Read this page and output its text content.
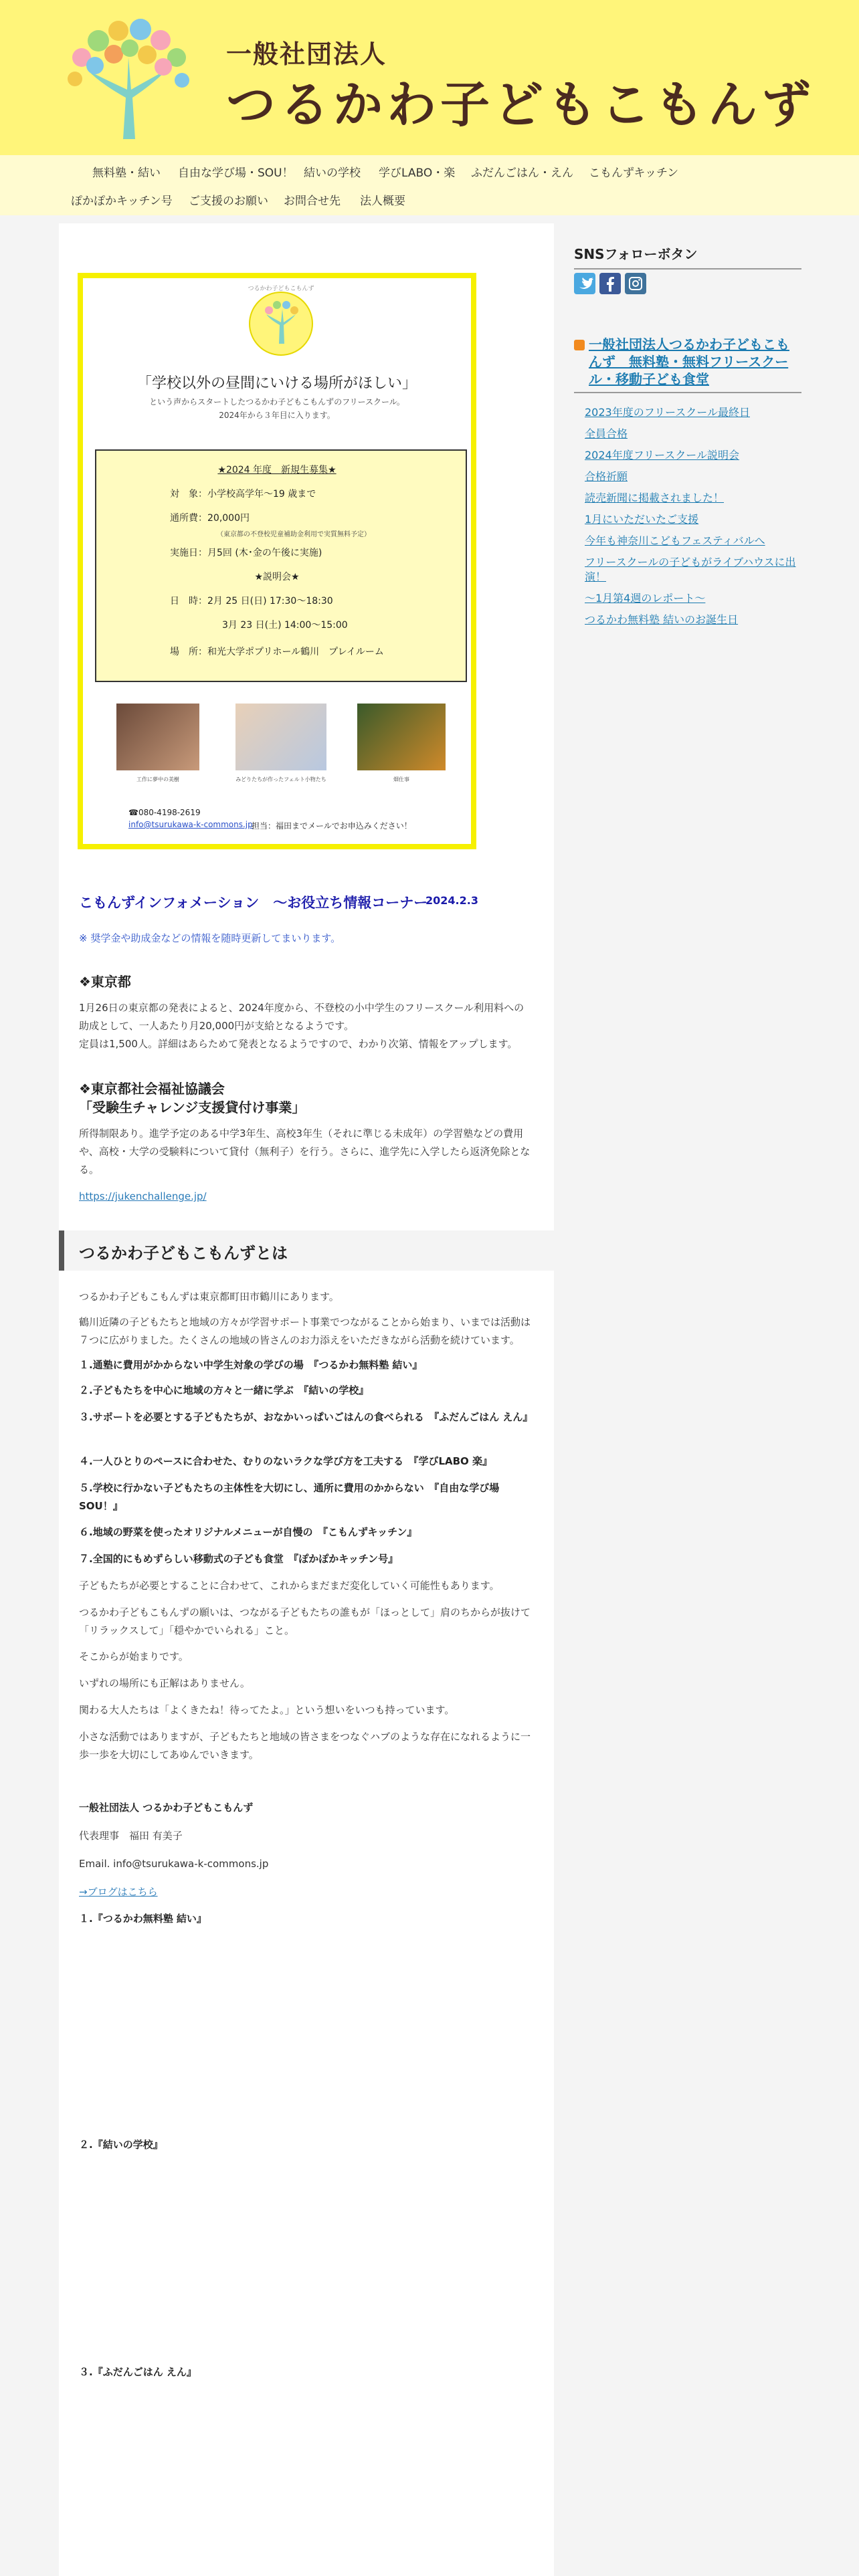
一般社団法人
つるかわ子どもこもんず
無料塾・結い 自由な学び場・SOU！ 結いの学校 学びLABO・楽 ふだんごはん・えん こもんずキッチン
ぽかぽかキッチン号 ご支援のお願い お問合せ先 法人概要
つるかわ子どもこもんず
「学校以外の昼間にいける場所がほしい」
という声からスタートしたつるかわ子どもこもんずのフリースクール。
2024年から３年目に入ります。
★2024 年度　新規生募集★
対　象：小学校高学年〜19 歳まで
通所費：20,000円
（東京都の不登校児童補助金利用で実質無料予定）
実施日：月5回 (木･金の午後に実施)
★説明会★
日　時：2月 25 日(日) 17:30〜18:30
3月 23 日(土) 14:00〜15:00
場　所：和光大学ポプリホール鶴川　プレイルーム
工作に夢中の美樹	みどりたちが作ったフェルト小物たち	畑仕事
☎080-4198-2619
info@tsurukawa-k-commons.jp
担当：福田までメールでお申込みください！
こもんずインフォメーション　〜お役立ち情報コーナー
2024.2.3
※ 奨学金や助成金などの情報を随時更新してまいります。
❖東京都
1月26日の東京都の発表によると、2024年度から、不登校の小中学生のフリースクール利用料への助成として、一人あたり月20,000円が支給となるようです。
定員は1,500人。詳細はあらためて発表となるようですので、わかり次第、情報をアップします。
❖東京都社会福祉協議会
「受験生チャレンジ支援貸付け事業」
所得制限あり。進学予定のある中学3年生、高校3年生（それに準じる未成年）の学習塾などの費用や、高校・大学の受験料について貸付（無利子）を行う。さらに、進学先に入学したら返済免除となる。
https://jukenchallenge.jp/
つるかわ子どもこもんずとは
つるかわ子どもこもんずは東京都町田市鶴川にあります。
鶴川近隣の子どもたちと地域の方々が学習サポート事業でつながることから始まり、いまでは活動は７つに広がりました。たくさんの地域の皆さんのお力添えをいただきながら活動を続けています。
１.通塾に費用がかからない中学生対象の学びの場　『つるかわ無料塾 結い』
２.子どもたちを中心に地域の方々と一緒に学ぶ　『結いの学校』
３.サポートを必要とする子どもたちが、おなかいっぱいごはんの食べられる　『ふだんごはん えん』
４.一人ひとりのペースに合わせた、むりのないラクな学び方を工夫する　『学びLABO 楽』
５.学校に行かない子どもたちの主体性を大切にし、通所に費用のかからない　『自由な学び場 SOU！』
６.地域の野菜を使ったオリジナルメニューが自慢の　『こもんずキッチン』
７.全国的にもめずらしい移動式の子ども食堂　『ぽかぽかキッチン号』
子どもたちが必要とすることに合わせて、これからまだまだ変化していく可能性もあります。
つるかわ子どもこもんずの願いは、つながる子どもたちの誰もが「ほっとして」肩のちからが抜けて「リラックスして」「穏やかでいられる」こと。
そこからが始まりです。
いずれの場所にも正解はありません。
関わる大人たちは「よくきたね！待ってたよ。」という想いをいつも持っています。
小さな活動ではありますが、子どもたちと地域の皆さまをつなぐハブのような存在になれるように一歩一歩を大切にしてあゆんでいきます。
一般社団法人 つるかわ子どもこもんず
代表理事　福田 有美子
Email. info@tsurukawa-k-commons.jp
→ブログはこちら
１.『つるかわ無料塾 結い』
２.『結いの学校』
３.『ふだんごはん えん』
SNSフォローボタン
一般社団法人つるかわ子どもこもんず　無料塾・無料フリースクール・移動子ども食堂
2023年度のフリースクール最終日
全員合格
2024年度フリースクール説明会
合格祈願
読売新聞に掲載されました！
1月にいただいたご支援
今年も神奈川こどもフェスティバルへ
フリースクールの子どもがライブハウスに出演！
〜1月第4週のレポート〜
つるかわ無料塾 結いのお誕生日
